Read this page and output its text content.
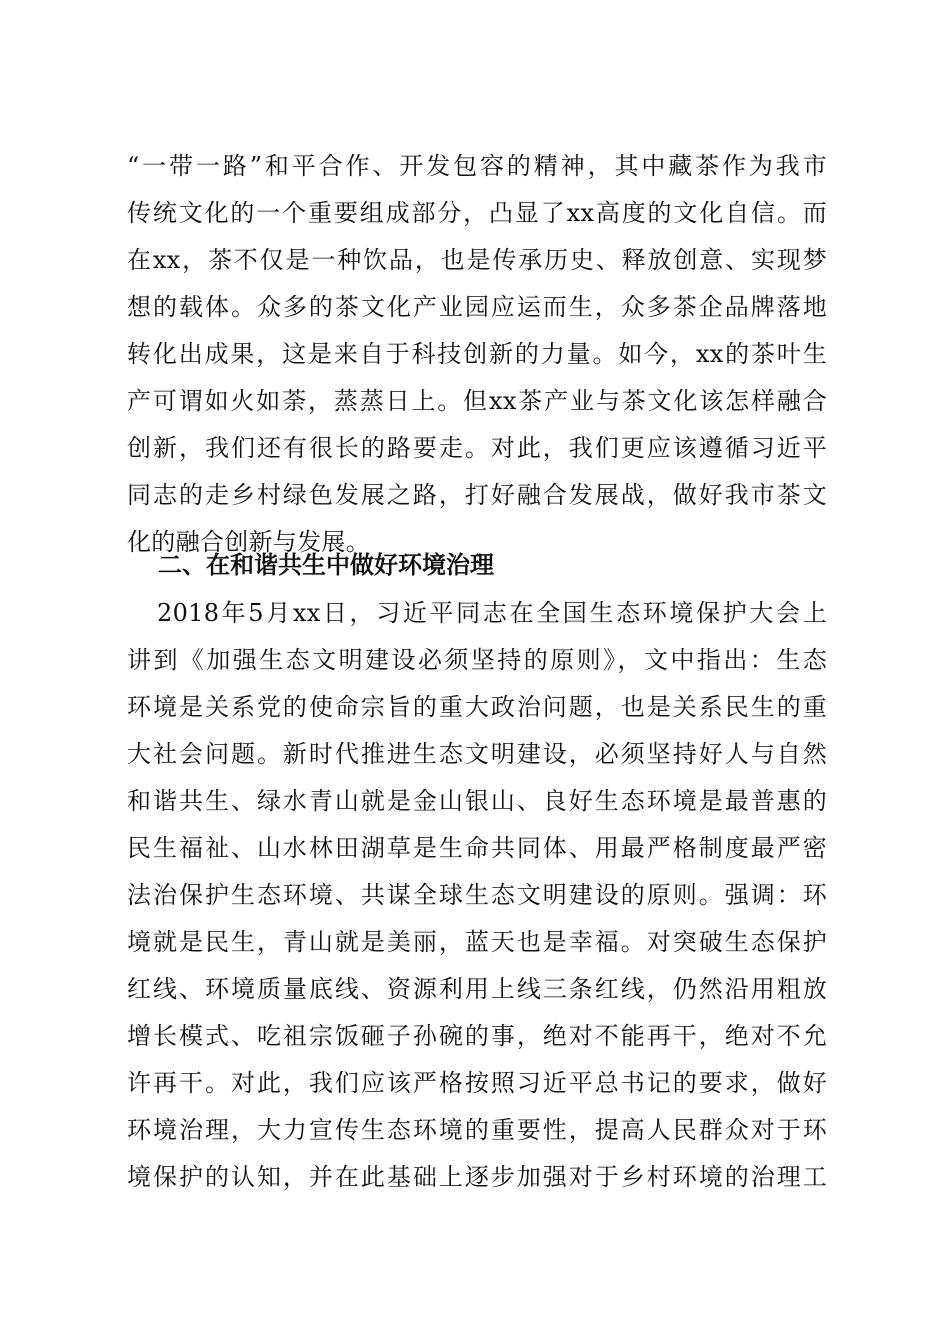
“一带一路”和平合作、开发包容的精神，其中藏茶作为我市
传统文化的一个重要组成部分，凸显了xx高度的文化自信。而
在xx，茶不仅是一种饮品，也是传承历史、释放创意、实现梦
想的载体。众多的茶文化产业园应运而生，众多茶企品牌落地
转化出成果，这是来自于科技创新的力量。如今，xx的茶叶生
产可谓如火如荼，蒸蒸日上。但xx茶产业与茶文化该怎样融合
创新，我们还有很长的路要走。对此，我们更应该遵循习近平
同志的走乡村绿色发展之路，打好融合发展战，做好我市茶文
化的融合创新与发展。
二、在和谐共生中做好环境治理
2018年5月xx日，习近平同志在全国生态环境保护大会上
讲到《加强生态文明建设必须坚持的原则》，文中指出：生态
环境是关系党的使命宗旨的重大政治问题，也是关系民生的重
大社会问题。新时代推进生态文明建设，必须坚持好人与自然
和谐共生、绿水青山就是金山银山、良好生态环境是最普惠的
民生福祉、山水林田湖草是生命共同体、用最严格制度最严密
法治保护生态环境、共谋全球生态文明建设的原则。强调：环
境就是民生，青山就是美丽，蓝天也是幸福。对突破生态保护
红线、环境质量底线、资源利用上线三条红线，仍然沿用粗放
增长模式、吃祖宗饭砸子孙碗的事，绝对不能再干，绝对不允
许再干。对此，我们应该严格按照习近平总书记的要求，做好
环境治理，大力宣传生态环境的重要性，提高人民群众对于环
境保护的认知，并在此基础上逐步加强对于乡村环境的治理工
